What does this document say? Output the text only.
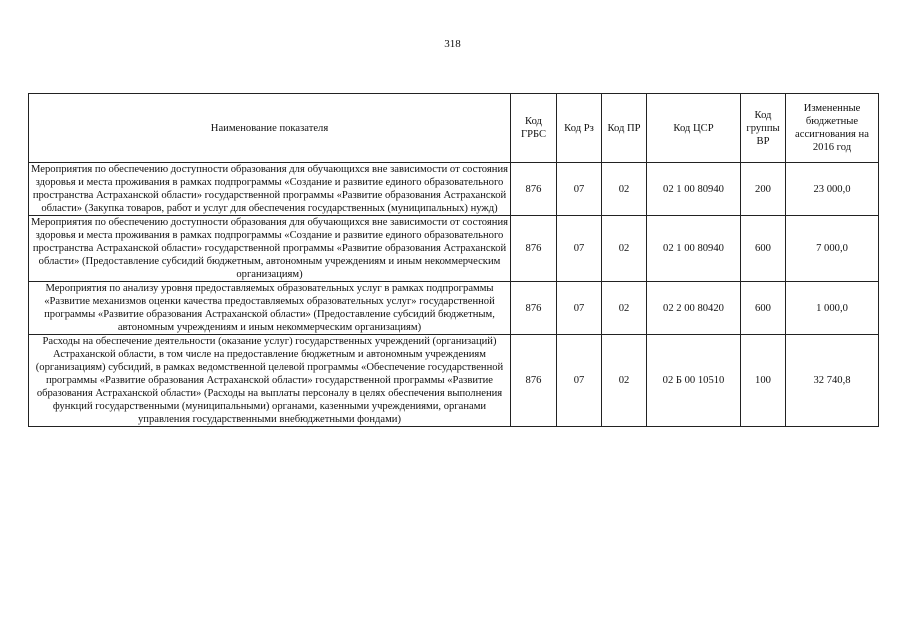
318
Наименование показателя	Код ГРБС	Код Рз	Код ПР	Код ЦСР	Код группы ВР	Измененные бюджетные ассигнования на 2016 год
Мероприятия по обеспечению доступности образования для обучающихся вне зависимости от состояния здоровья и места проживания в рамках подпрограммы «Создание и развитие единого образовательного пространства Астраханской области» государственной программы «Развитие образования Астраханской области» (Закупка товаров, работ и услуг для обеспечения государственных (муниципальных) нужд)	876	07	02	02 1 00 80940	200	23 000,0
Мероприятия по обеспечению доступности образования для обучающихся вне зависимости от состояния здоровья и места проживания в рамках подпрограммы «Создание и развитие единого образовательного пространства Астраханской области» государственной программы «Развитие образования Астраханской области» (Предоставление субсидий бюджетным, автономным учреждениям и иным некоммерческим организациям)	876	07	02	02 1 00 80940	600	7 000,0
Мероприятия по анализу уровня предоставляемых образовательных услуг в рамках подпрограммы «Развитие механизмов оценки качества предоставляемых образовательных услуг» государственной программы «Развитие образования Астраханской области» (Предоставление субсидий бюджетным, автономным учреждениям и иным некоммерческим организациям)	876	07	02	02 2 00 80420	600	1 000,0
Расходы на обеспечение деятельности (оказание услуг) государственных учреждений (организаций) Астраханской области, в том числе на предоставление бюджетным и автономным учреждениям (организациям) субсидий, в рамках ведомственной целевой программы «Обеспечение государственной программы «Развитие образования Астраханской области» государственной программы «Развитие образования Астраханской области» (Расходы на выплаты персоналу в целях обеспечения выполнения функций государственными (муниципальными) органами, казенными учреждениями, органами управления государственными внебюджетными фондами)	876	07	02	02 Б 00 10510	100	32 740,8
